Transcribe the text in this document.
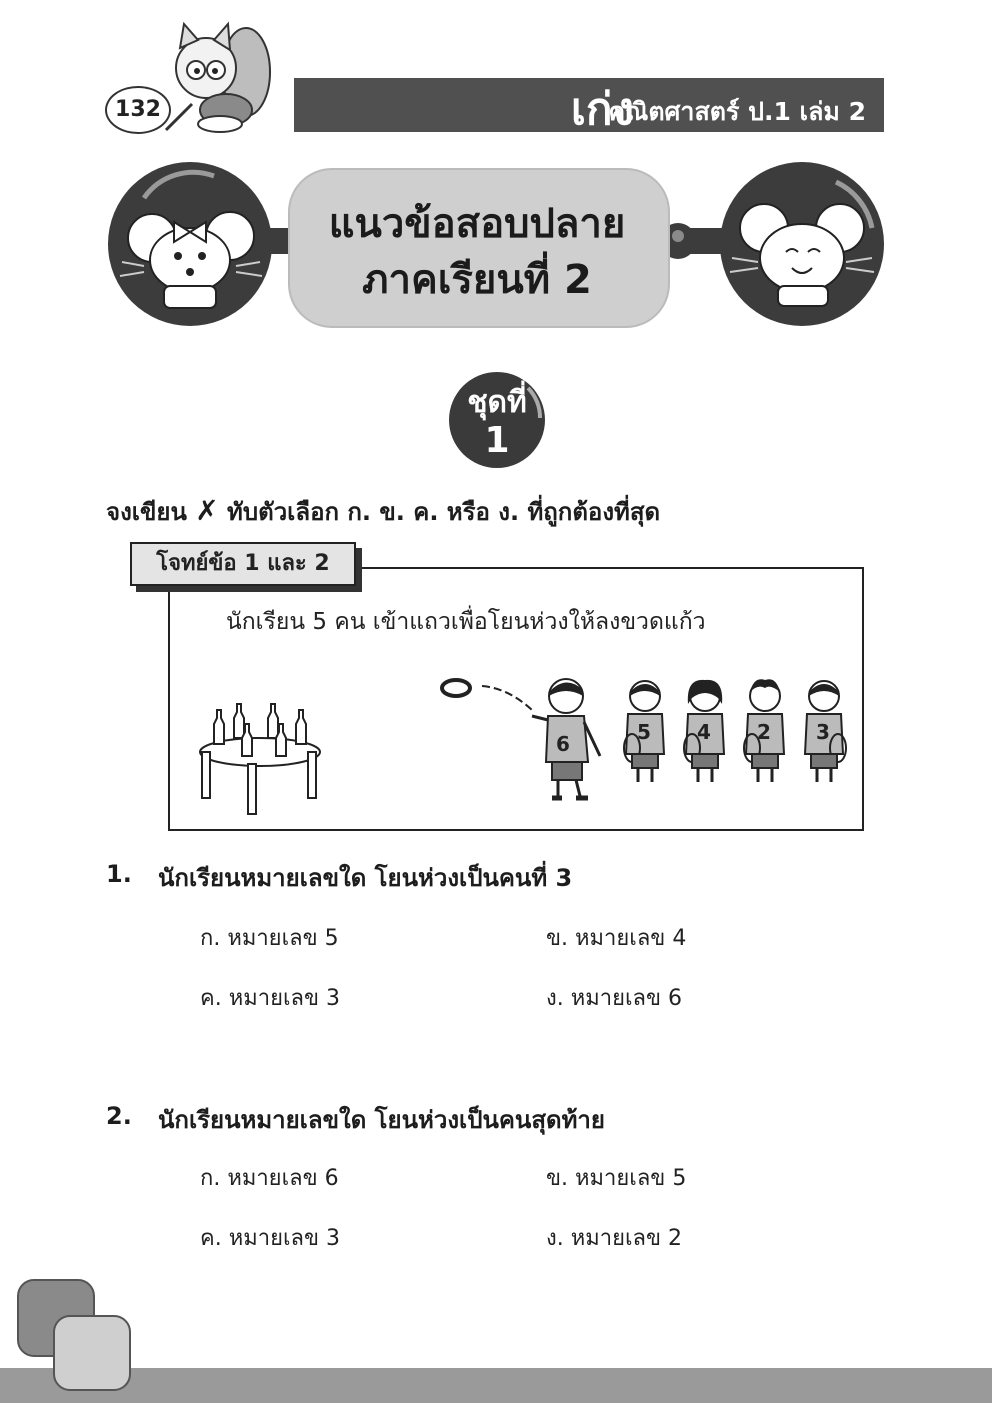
132	เก่ง
คณิตศาสตร์ ป.1 เล่ม 2
แนวข้อสอบปลาย
ภาคเรียนที่ 2
ชุดที่
1
จงเขียน ✗ ทับตัวเลือก ก. ข. ค. หรือ ง. ที่ถูกต้องที่สุด
โจทย์ข้อ 1 และ 2
นักเรียน 5 คน เข้าแถวเพื่อโยนห่วงให้ลงขวดแก้ว
6	5 4 2 3
1. นักเรียนหมายเลขใด โยนห่วงเป็นคนที่ 3
ก. หมายเลข 5	ข. หมายเลข 4
ค. หมายเลข 3	ง. หมายเลข 6
2. นักเรียนหมายเลขใด โยนห่วงเป็นคนสุดท้าย
ก. หมายเลข 6	ข. หมายเลข 5
ค. หมายเลข 3	ง. หมายเลข 2
